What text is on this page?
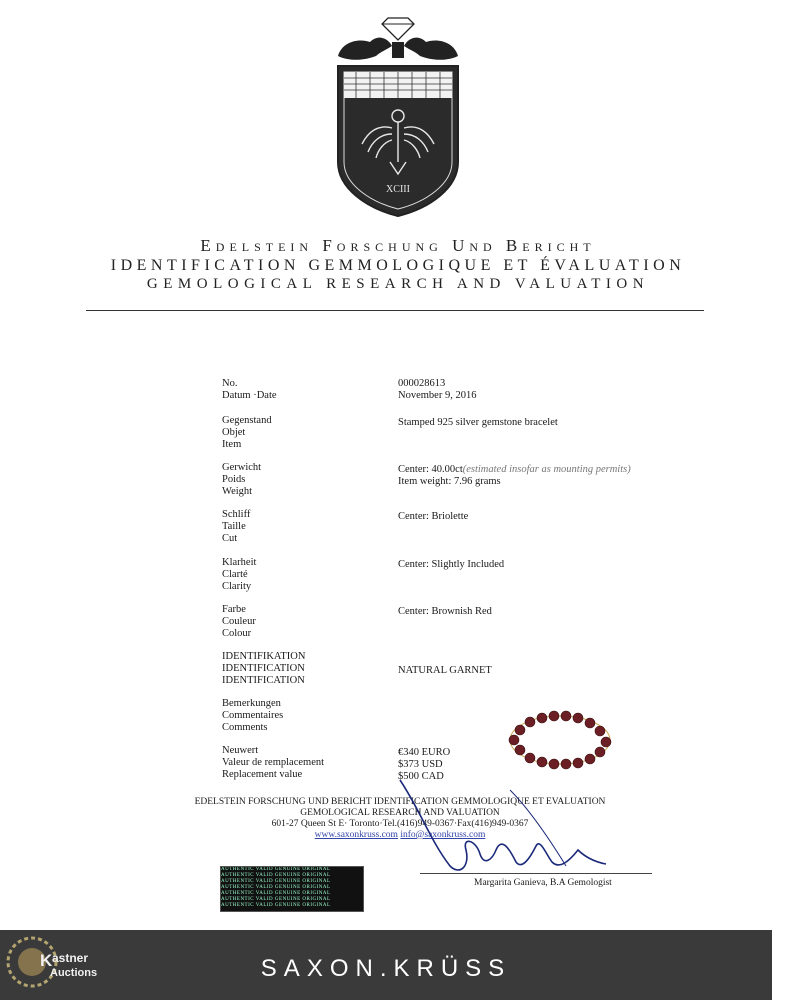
XCIII
Edelstein Forschung Und Bericht
IDENTIFICATION GEMMOLOGIQUE ET ÉVALUATION
GEMOLOGICAL RESEARCH AND VALUATION
No.
Datum ·Date
000028613
November 9, 2016
Gegenstand
Objet
Item
Stamped 925 silver gemstone bracelet
Gerwicht
Poids
Weight
Center: 40.00ct(estimated insofar as mounting permits)
Item weight: 7.96 grams
Schliff
Taille
Cut
Center: Briolette
Klarheit
Clarté
Clarity
Center: Slightly Included
Farbe
Couleur
Colour
Center: Brownish Red
IDENTIFIKATION
IDENTIFICATION
IDENTIFICATION
NATURAL GARNET
Bemerkungen
Commentaires
Comments
Neuwert
Valeur de remplacement
Replacement value
€340 EURO
$373 USD
$500 CAD
EDELSTEIN FORSCHUNG UND BERICHT IDENTIFICATION GEMMOLOGIQUE ET EVALUATION
GEMOLOGICAL RESEARCH AND VALUATION
601-27 Queen St E· Toronto·Tel.(416)949-0367·Fax(416)949-0367
www.saxonkruss.com info@saxonkruss.com
Margarita Ganieva, B.A Gemologist
AUTHENTIC VALID GENUINE ORIGINAL
AUTHENTIC VALID GENUINE ORIGINAL
AUTHENTIC VALID GENUINE ORIGINAL
AUTHENTIC VALID GENUINE ORIGINAL
AUTHENTIC VALID GENUINE ORIGINAL
AUTHENTIC VALID GENUINE ORIGINAL
AUTHENTIC VALID GENUINE ORIGINAL
SAXON.KRÜSS
K astner
Auctions
